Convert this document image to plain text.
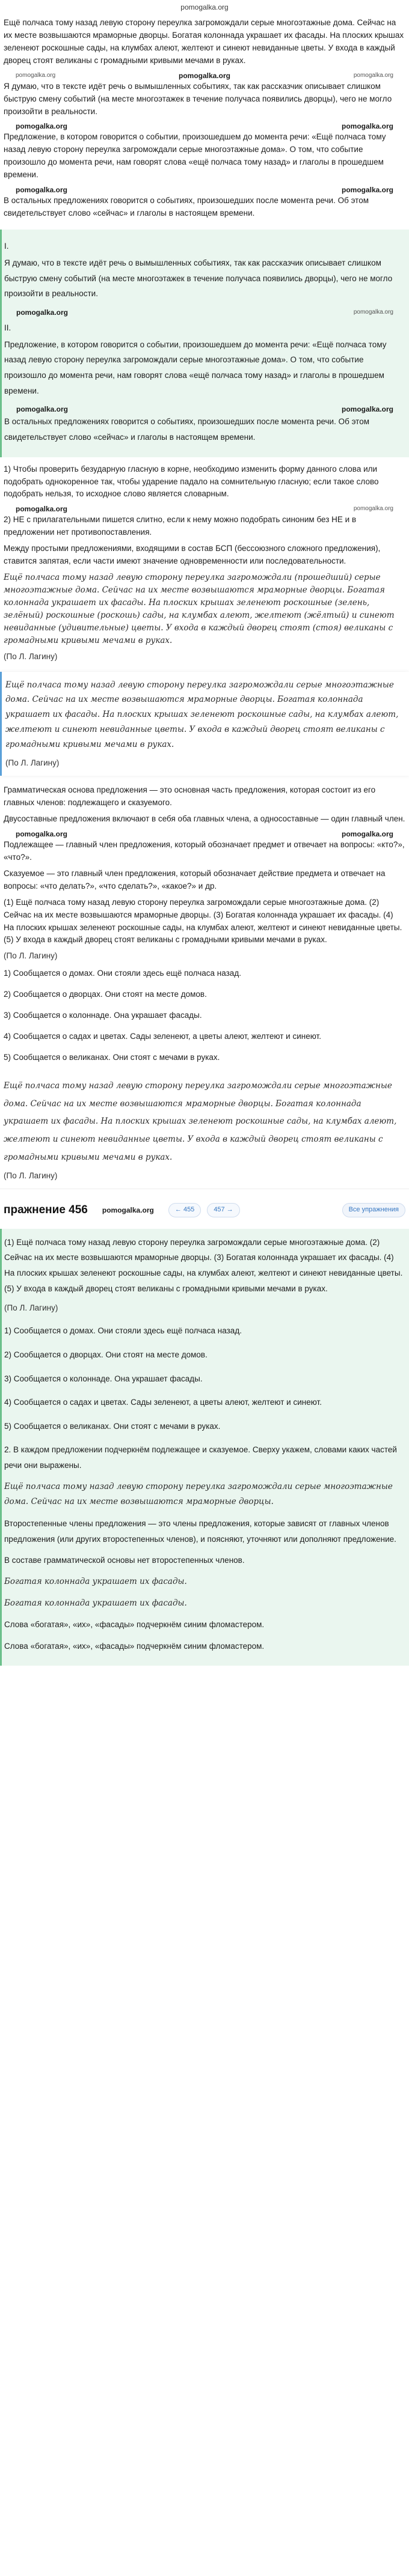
pomogalka.org

Ещё полчаса тому назад левую сторону переулка загромождали серые многоэтажные дома. Сейчас на их месте возвышаются мраморные дворцы. Богатая колоннада украшает их фасады. На плоских крышах зеленеют роскошные сады, на клумбах алеют, желтеют и синеют невиданные цветы. У входа в каждый дворец стоят великаны с громадными кривыми мечами в руках.

pomogalka.org	pomogalka.org	pomogalka.org

Я думаю, что в тексте идёт речь о вымышленных событиях, так как рассказчик описывает слишком быструю смену событий (на месте многоэтажек в течение получаса появились дворцы), чего не могло произойти в реальности.

pomogalka.org	pomogalka.org

Предложение, в котором говорится о событии, произошедшем до момента речи: «Ещё полчаса тому назад левую сторону переулка загромождали серые многоэтажные дома». О том, что событие произошло до момента речи, нам говорят слова «ещё полчаса тому назад» и глаголы в прошедшем времени.

pomogalka.org	pomogalka.org

В остальных предложениях говорится о событиях, произошедших после момента речи. Об этом свидетельствует слово «сейчас» и глаголы в настоящем времени.

I.

Я думаю, что в тексте идёт речь о вымышленных событиях, так как рассказчик описывает слишком быструю смену событий (на месте многоэтажек в течение получаса появились дворцы), чего не могло произойти в реальности.

pomogalka.org	pomogalka.org
II.

Предложение, в котором говорится о событии, произошедшем до момента речи: «Ещё полчаса тому назад левую сторону переулка загромождали серые многоэтажные дома». О том, что событие произошло до момента речи, нам говорят слова «ещё полчаса тому назад» и глаголы в прошедшем времени.

pomogalka.org	pomogalka.org

В остальных предложениях говорится о событиях, произошедших после момента речи. Об этом свидетельствует слово «сейчас» и глаголы в настоящем времени.

1) Чтобы проверить безударную гласную в корне, необходимо изменить форму данного слова или подобрать однокоренное так, чтобы ударение падало на сомнительную гласную; если такое слово подобрать нельзя, то исходное слово является словарным.

pomogalka.org	pomogalka.org

2) НЕ с прилагательными пишется слитно, если к нему можно подобрать синоним без НЕ и в предложении нет противопоставления.

Между простыми предложениями, входящими в состав БСП (бессоюзного сложного предложения), ставится запятая, если части имеют значение одновременности или последовательности.

Ещё полчаса тому назад левую сторону переулка загромождали (прошедший) серые многоэтажные дома. Сейчас на их месте возвышаются мраморные дворцы. Богатая колоннада украшает их фасады. На плоских крышах зеленеют роскошные (зелень, зелёный) роскошные (роскошь) сады, на клумбах алеют, желтеют (жёлтый) и синеют невиданные (удивительные) цветы. У входа в каждый дворец стоят (стоя) великаны с громадными кривыми мечами в руках.

(По Л. Лагину)

Ещё полчаса тому назад левую сторону переулка загромождали серые многоэтажные дома. Сейчас на их месте возвышаются мраморные дворцы. Богатая колоннада украшает их фасады. На плоских крышах зеленеют роскошные сады, на клумбах алеют, желтеют и синеют невиданные цветы. У входа в каждый дворец стоят великаны с громадными кривыми мечами в руках.

(По Л. Лагину)

Грамматическая основа предложения — это основная часть предложения, которая состоит из его главных членов: подлежащего и сказуемого.

Двусоставные предложения включают в себя оба главных члена, а односоставные — один главный член.

pomogalka.org	pomogalka.org

Подлежащее — главный член предложения, который обозначает предмет и отвечает на вопросы: «кто?», «что?».

Сказуемое — это главный член предложения, который обозначает действие предмета и отвечает на вопросы: «что делать?», «что сделать?», «какое?» и др.

(1) Ещё полчаса тому назад левую сторону переулка загромождали серые многоэтажные дома. (2) Сейчас на их месте возвышаются мраморные дворцы. (3) Богатая колоннада украшает их фасады. (4) На плоских крышах зеленеют роскошные сады, на клумбах алеют, желтеют и синеют невиданные цветы. (5) У входа в каждый дворец стоят великаны с громадными кривыми мечами в руках.

(По Л. Лагину)

1) Сообщается о домах. Они стояли здесь ещё полчаса назад.

2) Сообщается о дворцах. Они стоят на месте домов.

3) Сообщается о колоннаде. Она украшает фасады.

4) Сообщается о садах и цветах. Сады зеленеют, а цветы алеют, желтеют и синеют.

5) Сообщается о великанах. Они стоят с мечами в руках.

Ещё полчаса тому назад левую сторону переулка загромождали серые многоэтажные дома. Сейчас на их месте возвышаются мраморные дворцы. Богатая колоннада украшает их фасады. На плоских крышах зеленеют роскошные сады, на клумбах алеют, желтеют и синеют невиданные цветы. У входа в каждый дворец стоят великаны с громадными кривыми мечами в руках.

(По Л. Лагину)
пражнение 456 pomogalka.org	← 455	457 →	Все упражнения

(1) Ещё полчаса тому назад левую сторону переулка загромождали серые многоэтажные дома. (2) Сейчас на их месте возвышаются мраморные дворцы. (3) Богатая колоннада украшает их фасады. (4) На плоских крышах зеленеют роскошные сады, на клумбах алеют, желтеют и синеют невиданные цветы. (5) У входа в каждый дворец стоят великаны с громадными кривыми мечами в руках.

(По Л. Лагину)

1) Сообщается о домах. Они стояли здесь ещё полчаса назад.

2) Сообщается о дворцах. Они стоят на месте домов.

3) Сообщается о колоннаде. Она украшает фасады.

4) Сообщается о садах и цветах. Сады зеленеют, а цветы алеют, желтеют и синеют.

5) Сообщается о великанах. Они стоят с мечами в руках.

2. В каждом предложении подчеркнём подлежащее и сказуемое. Сверху укажем, словами каких частей речи они выражены.

Ещё полчаса тому назад левую сторону переулка загромождали серые многоэтажные дома. Сейчас на их месте возвышаются мраморные дворцы.

Второстепенные члены предложения — это члены предложения, которые зависят от главных членов предложения (или других второстепенных членов), и поясняют, уточняют или дополняют предложение.

В составе грамматической основы нет второстепенных членов.

Богатая колоннада украшает их фасады.

Богатая колоннада украшает их фасады.

Слова «богатая», «их», «фасады» подчеркнём синим фломастером.

Слова «богатая», «их», «фасады» подчеркнём синим фломастером.
